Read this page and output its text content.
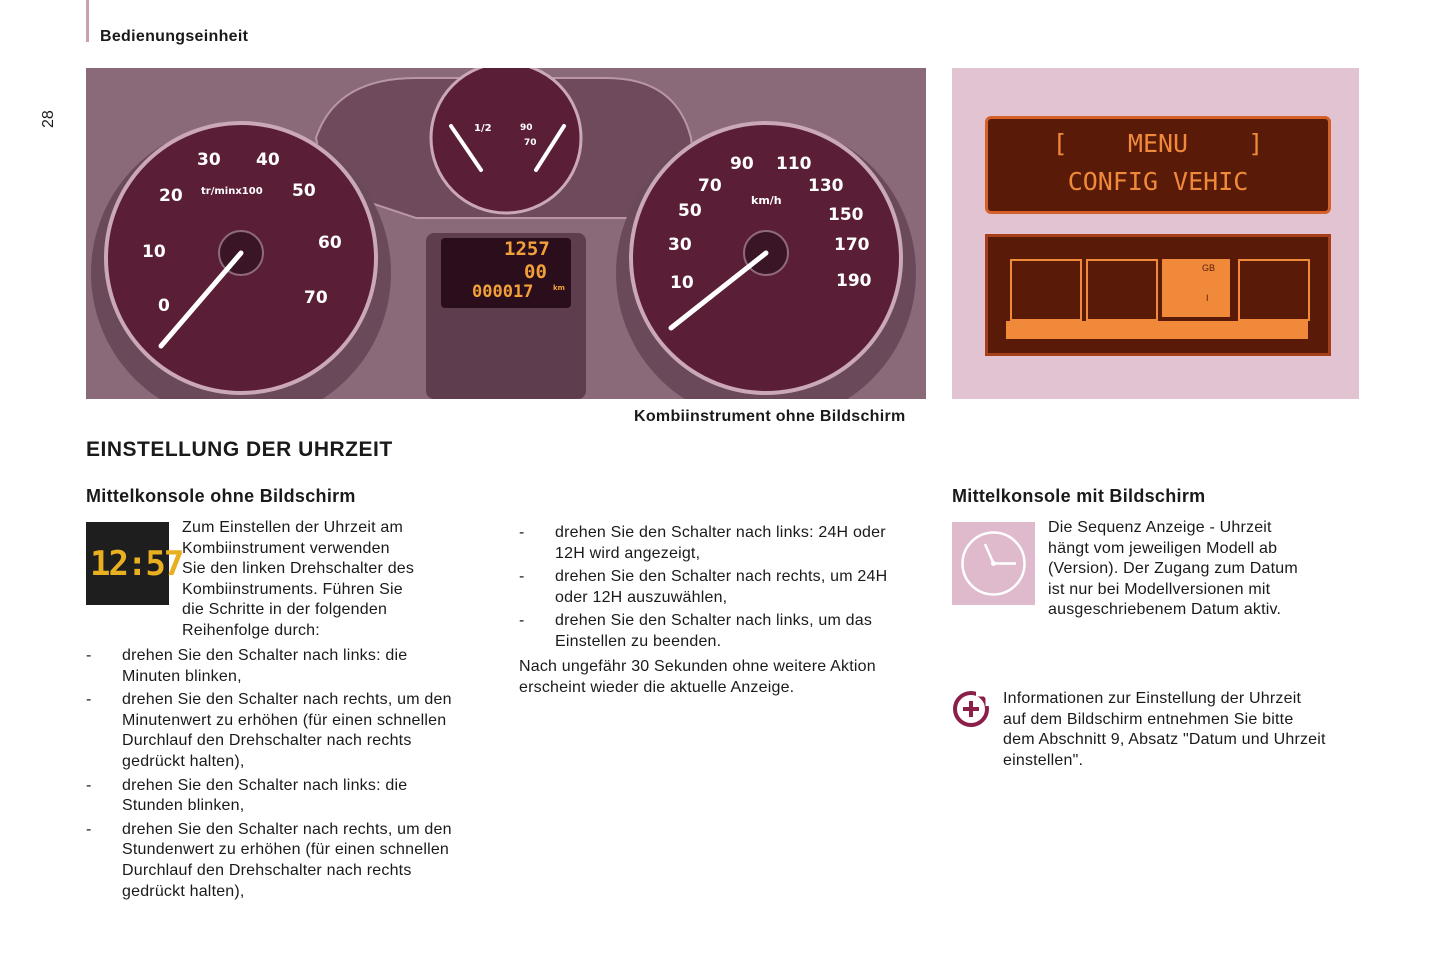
Bedienungseinheit
28
0
10
20
30 40
50
60
70
tr/minx100
10
30
50
70
90 110
130
150
170
190
km/h
1/2	90
70
1257
00
000017	km
[    MENU    ]
CONFIG VEHIC
GB
I
Kombiinstrument ohne Bildschirm
EINSTELLUNG DER UHRZEIT
Mittelkonsole ohne Bildschirm
12:57
Zum Einstellen der Uhrzeit am
Kombiinstrument verwenden
Sie den linken Drehschalter des
Kombiinstruments. Führen Sie
die Schritte in der folgenden
Reihenfolge durch:
- drehen Sie den Schalter nach links: die
Minuten blinken,
- drehen Sie den Schalter nach rechts, um den
Minutenwert zu erhöhen (für einen schnellen
Durchlauf den Drehschalter nach rechts
gedrückt halten),
- drehen Sie den Schalter nach links: die
Stunden blinken,
- drehen Sie den Schalter nach rechts, um den
Stundenwert zu erhöhen (für einen schnellen
Durchlauf den Drehschalter nach rechts
gedrückt halten),
- drehen Sie den Schalter nach links: 24H oder
12H wird angezeigt,
- drehen Sie den Schalter nach rechts, um 24H
oder 12H auszuwählen,
- drehen Sie den Schalter nach links, um das
Einstellen zu beenden.
Nach ungefähr 30 Sekunden ohne weitere Aktion
erscheint wieder die aktuelle Anzeige.
Mittelkonsole mit Bildschirm
Die Sequenz Anzeige - Uhrzeit
hängt vom jeweiligen Modell ab
(Version). Der Zugang zum Datum
ist nur bei Modellversionen mit
ausgeschriebenem Datum aktiv.
Informationen zur Einstellung der Uhrzeit
auf dem Bildschirm entnehmen Sie bitte
dem Abschnitt 9, Absatz "Datum und Uhrzeit
einstellen".
